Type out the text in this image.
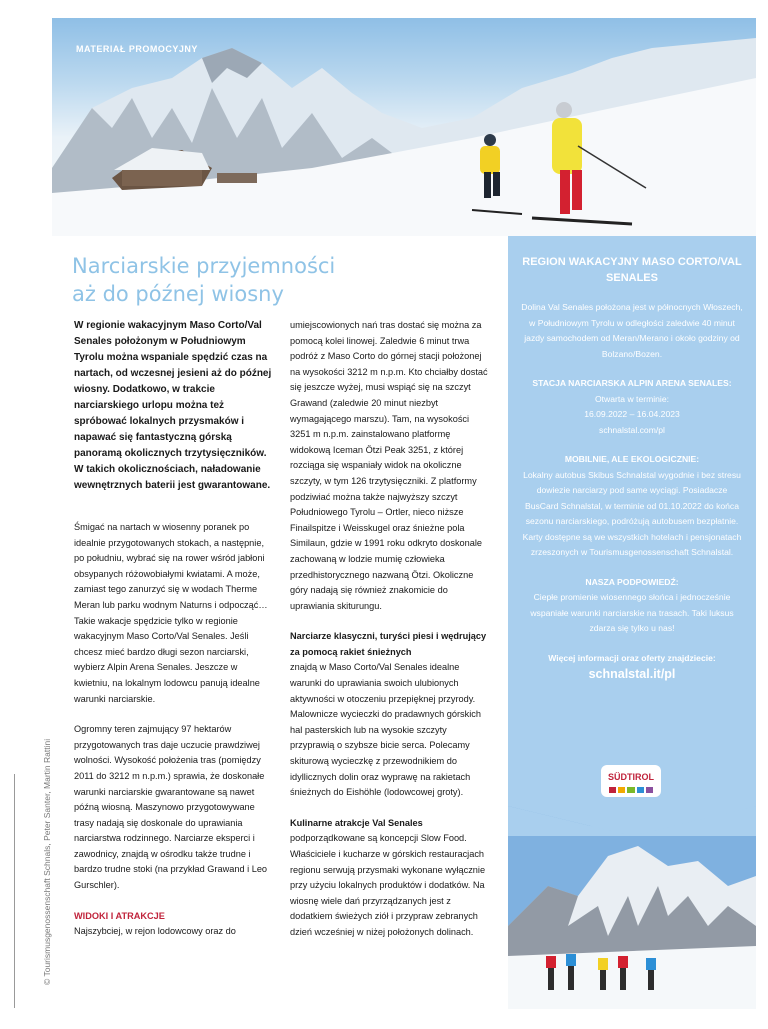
MATERIAŁ PROMOCYJNY
© Tourismusgenossenschaft Schnals, Peter Santer, Martin Rattini
Narciarskie przyjemności
aż do późnej wiosny

W regionie wakacyjnym Maso Corto/Val Senales położonym w Południowym Tyrolu można wspaniale spędzić czas na nartach, od wczesnej jesieni aż do późnej wiosny. Dodatkowo, w trakcie narciarskiego urlopu można też spróbować lokalnych przysmaków i napawać się fantastyczną górską panoramą okolicznych trzytysięczników. W takich okolicznościach, naładowanie wewnętrznych baterii jest gwarantowane.

Śmigać na nartach w wiosenny poranek po idealnie przygotowanych stokach, a następnie, po południu, wybrać się na rower wśród jabłoni obsypanych różowobiałymi kwiatami. A może, zamiast tego zanurzyć się w wodach Therme Meran lub parku wodnym Naturns i odpocząć… Takie wakacje spędzicie tylko w regionie wakacyjnym Maso Corto/Val Senales. Jeśli chcesz mieć bardzo długi sezon narciarski, wybierz Alpin Arena Senales. Jeszcze w kwietniu, na lokalnym lodowcu panują idealne warunki narciarskie.

Ogromny teren zajmujący 97 hektarów przygotowanych tras daje uczucie prawdziwej wolności. Wysokość położenia tras (pomiędzy 2011 do 3212 m n.p.m.) sprawia, że doskonałe warunki narciarskie gwarantowane są nawet późną wiosną. Maszynowo przygotowywane trasy nadają się doskonale do uprawiania narciarstwa rodzinnego. Narciarze eksperci i zawodnicy, znajdą w ośrodku także trudne i bardzo trudne stoki (na przykład Grawand i Leo Gurschler).

WIDOKI I ATRAKCJE
Najszybciej, w rejon lodowcowy oraz do

umiejscowionych nań tras dostać się można za pomocą kolei linowej. Zaledwie 6 minut trwa podróż z Maso Corto do górnej stacji położonej na wysokości 3212 m n.p.m. Kto chciałby dostać się jeszcze wyżej, musi wspiąć się na szczyt Grawand (zaledwie 20 minut niezbyt wymagającego marszu). Tam, na wysokości 3251 m n.p.m. zainstalowano platformę widokową Iceman Ötzi Peak 3251, z której rozciąga się wspaniały widok na okoliczne szczyty, w tym 126 trzytysięczniki. Z platformy podziwiać można także najwyższy szczyt Południowego Tyrolu – Ortler, nieco niższe Finailspitze i Weisskugel oraz śnieżne pola Similaun, gdzie w 1991 roku odkryto doskonale zachowaną w lodzie mumię człowieka przedhistorycznego nazwaną Ötzi. Okoliczne góry nadają się również znakomicie do uprawiania skiturungu.

Narciarze klasyczni, turyści piesi i wędrujący za pomocą rakiet śnieżnych

znajdą w Maso Corto/Val Senales idealne warunki do uprawiania swoich ulubionych aktywności w otoczeniu przepięknej przyrody. Malownicze wycieczki do pradawnych górskich hal pasterskich lub na wysokie szczyty przyprawią o szybsze bicie serca. Polecamy skiturową wycieczkę z przewodnikiem do idyllicznych dolin oraz wyprawę na rakietach śnieżnych do Eishöhle (lodowcowej groty).

Kulinarne atrakcje Val Senales

podporządkowane są koncepcji Slow Food. Właściciele i kucharze w górskich restauracjach regionu serwują przysmaki wykonane wyłącznie przy użyciu lokalnych produktów i dodatków. Na wiosnę wiele dań przyrządzanych jest z dodatkiem świeżych ziół i przypraw zebranych dzień wcześniej w niżej położonych dolinach.

REGION WAKACYJNY MASO CORTO/VAL SENALES
Dolina Val Senales położona jest w północnych Włoszech, w Południowym Tyrolu w odległości zaledwie 40 minut jazdy samochodem od Meran/Merano i około godziny od Bolzano/Bozen.
STACJA NARCIARSKA ALPIN ARENA SENALES:
Otwarta w terminie:
16.09.2022 – 16.04.2023
schnalstal.com/pl
MOBILNIE, ALE EKOLOGICZNIE:
Lokalny autobus Skibus Schnalstal wygodnie i bez stresu dowiezie narciarzy pod same wyciągi. Posiadacze BusCard Schnalstal, w terminie od 01.10.2022 do końca sezonu narciarskiego, podróżują autobusem bezpłatnie. Karty dostępne są we wszystkich hotelach i pensjonatach zrzeszonych w Tourismusgenossenschaft Schnalstal.
NASZA PODPOWIEDŹ:
Ciepłe promienie wiosennego słońca i jednocześnie wspaniałe warunki narciarskie na trasach. Taki luksus zdarza się tylko u nas!
Więcej informacji oraz oferty znajdziecie:
schnalstal.it/pl
SÜDTIROL
